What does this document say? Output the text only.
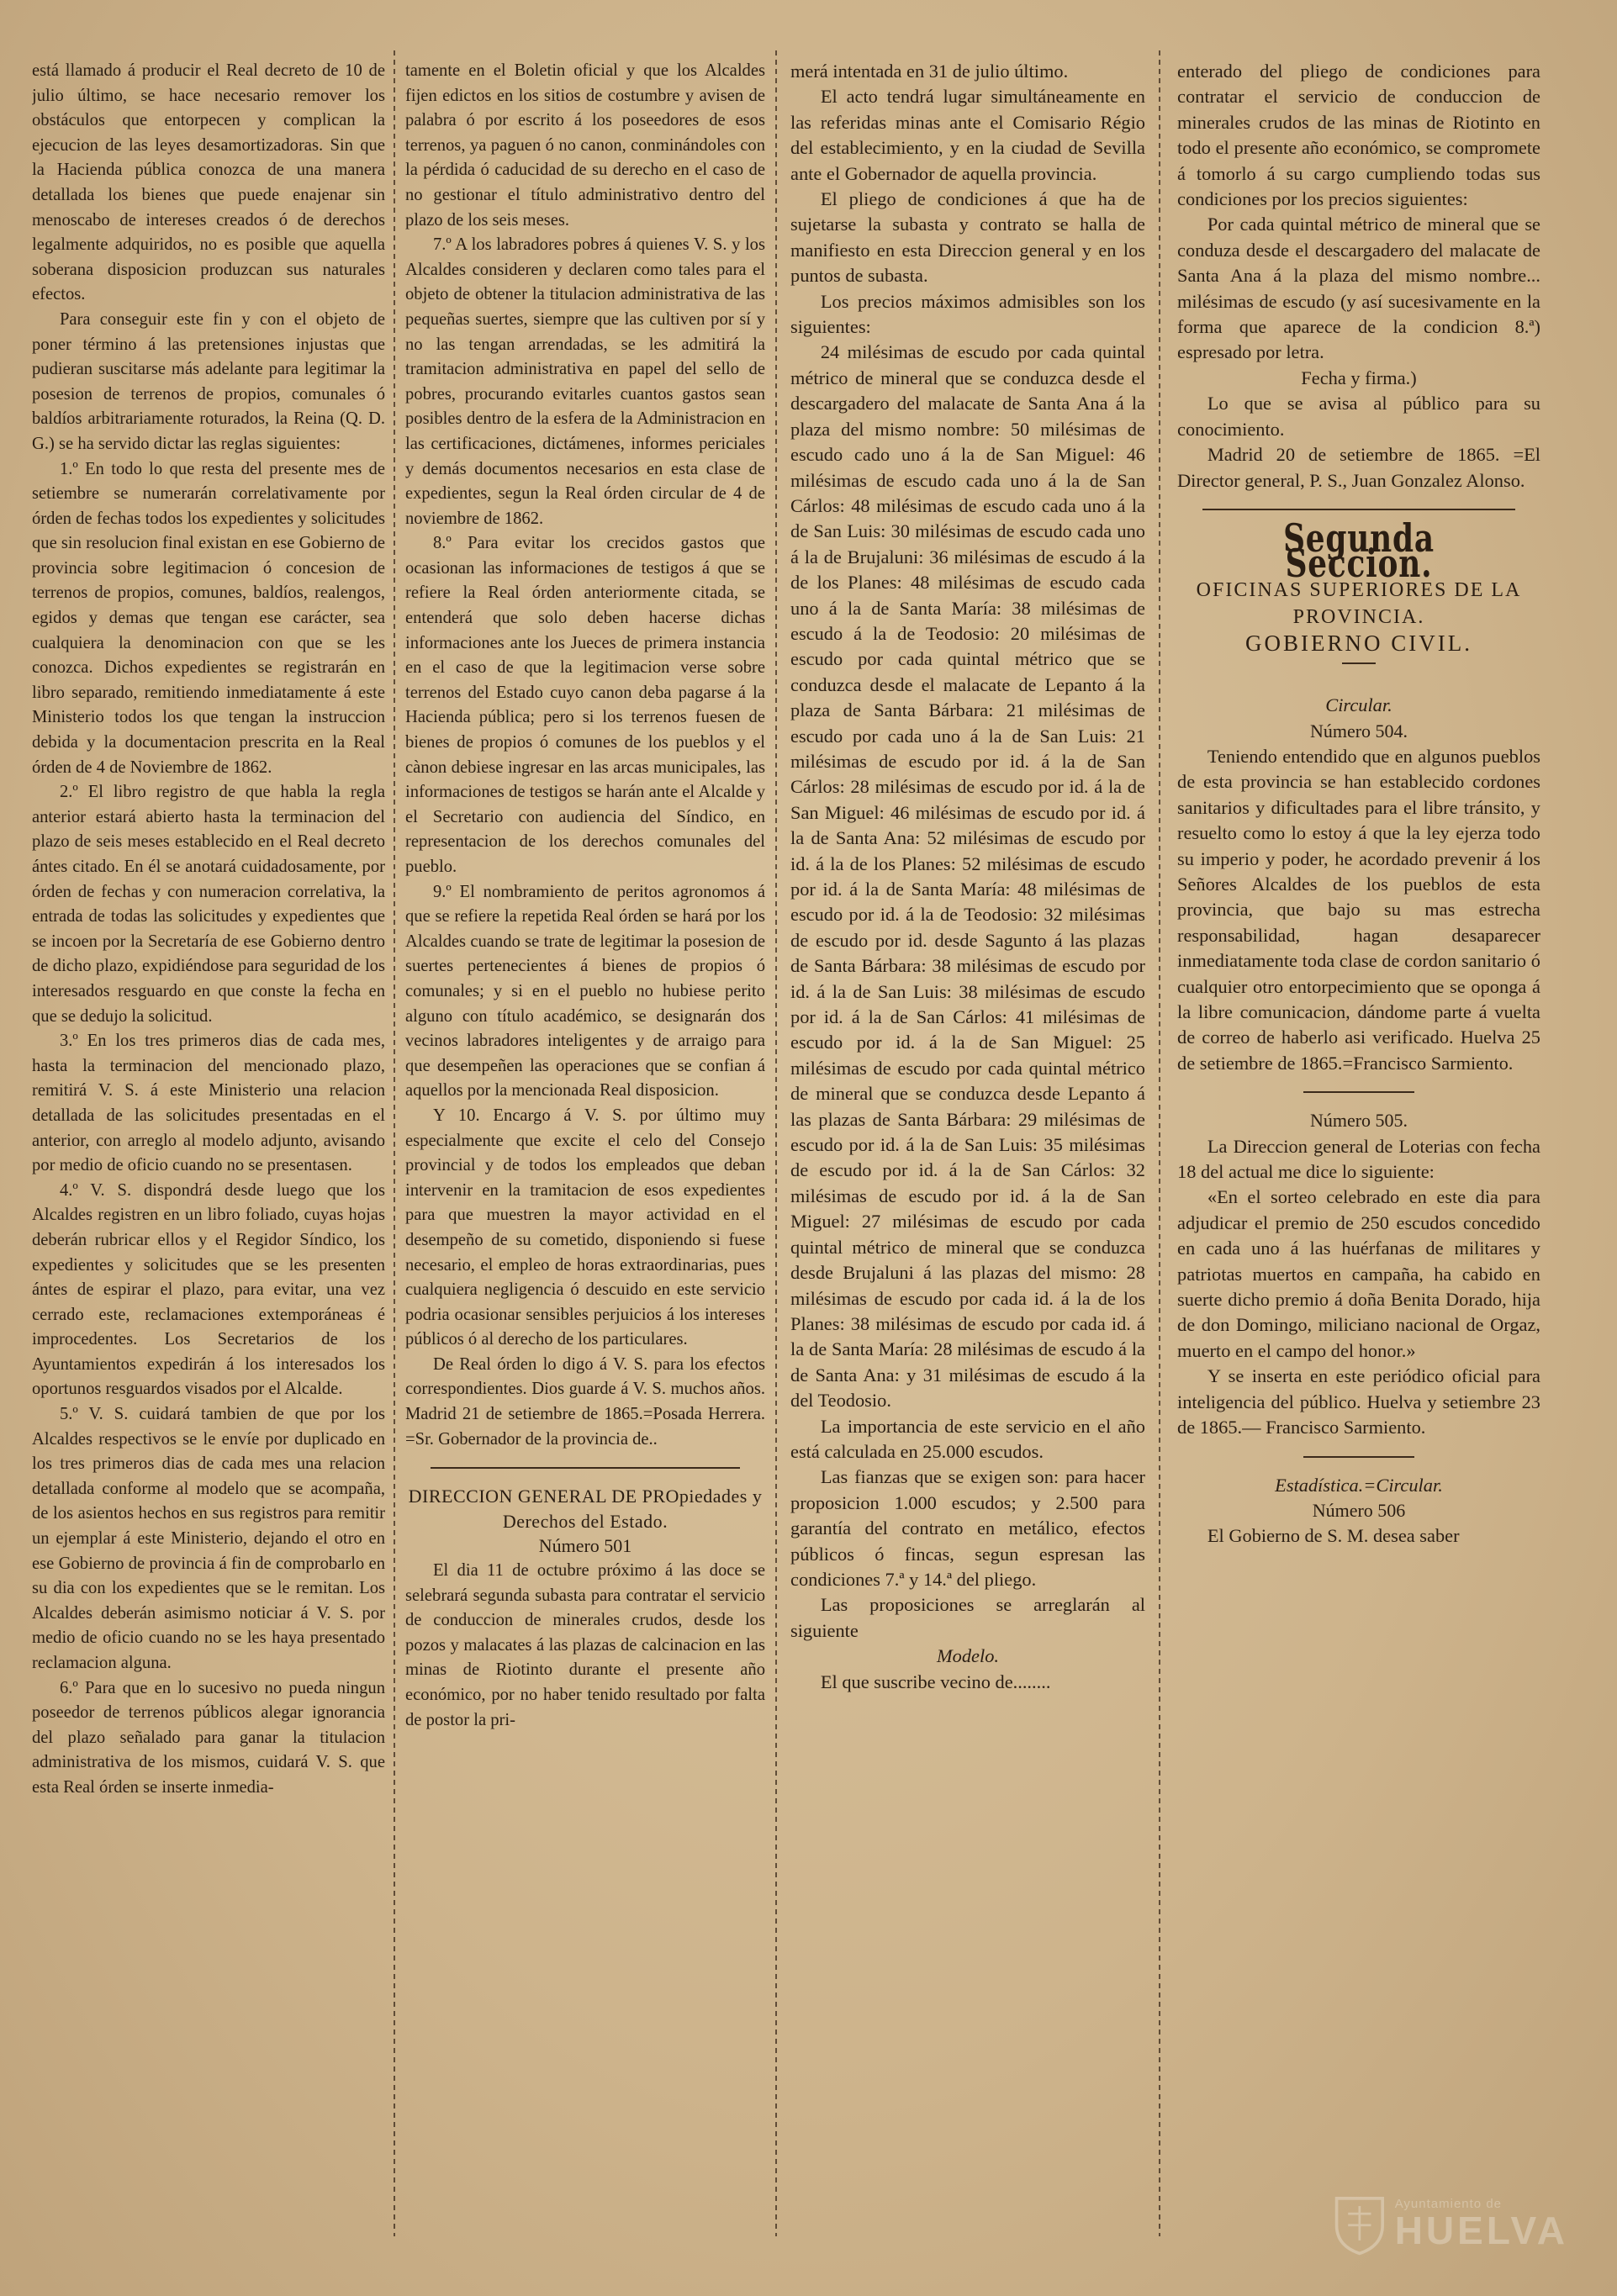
está llamado á producir el Real decreto de 10 de julio último, se hace necesario remover los obstáculos que entorpecen y complican la ejecucion de las leyes desamortizadoras. Sin que la Hacienda pública conozca de una manera detallada los bienes que puede enajenar sin menoscabo de intereses creados ó de derechos legalmente adquiridos, no es posible que aquella soberana disposicion produzcan sus naturales efectos.

Para conseguir este fin y con el objeto de poner término á las pretensiones injustas que pudieran suscitarse más adelante para legitimar la posesion de terrenos de propios, comunales ó baldíos arbitrariamente roturados, la Reina (Q. D. G.) se ha servido dictar las reglas siguientes:

1.º En todo lo que resta del presente mes de setiembre se numerarán correlativamente por órden de fechas todos los expedientes y solicitudes que sin resolucion final existan en ese Gobierno de provincia sobre legitimacion ó concesion de terrenos de propios, comunes, baldíos, realengos, egidos y demas que tengan ese carácter, sea cualquiera la denominacion con que se les conozca. Dichos expedientes se registrarán en libro separado, remitiendo inmediatamente á este Ministerio todos los que tengan la instruccion debida y la documentacion prescrita en la Real órden de 4 de Noviembre de 1862.

2.º El libro registro de que habla la regla anterior estará abierto hasta la terminacion del plazo de seis meses establecido en el Real decreto ántes citado. En él se anotará cuidadosamente, por órden de fechas y con numeracion correlativa, la entrada de todas las solicitudes y expedientes que se incoen por la Secretaría de ese Gobierno dentro de dicho plazo, expidiéndose para seguridad de los interesados resguardo en que conste la fecha en que se dedujo la solicitud.

3.º En los tres primeros dias de cada mes, hasta la terminacion del mencionado plazo, remitirá V. S. á este Ministerio una relacion detallada de las solicitudes presentadas en el anterior, con arreglo al modelo adjunto, avisando por medio de oficio cuando no se presentasen.

4.º V. S. dispondrá desde luego que los Alcaldes registren en un libro foliado, cuyas hojas deberán rubricar ellos y el Regidor Síndico, los expedientes y solicitudes que se les presenten ántes de espirar el plazo, para evitar, una vez cerrado este, reclamaciones extemporáneas é improcedentes. Los Secretarios de los Ayuntamientos expedirán á los interesados los oportunos resguardos visados por el Alcalde.

5.º V. S. cuidará tambien de que por los Alcaldes respectivos se le envíe por duplicado en los tres primeros dias de cada mes una relacion detallada conforme al modelo que se acompaña, de los asientos hechos en sus registros para remitir un ejemplar á este Ministerio, dejando el otro en ese Gobierno de provincia á fin de comprobarlo en su dia con los expedientes que se le remitan. Los Alcaldes deberán asimismo noticiar á V. S. por medio de oficio cuando no se les haya presentado reclamacion alguna.

6.º Para que en lo sucesivo no pueda ningun poseedor de terrenos públicos alegar ignorancia del plazo señalado para ganar la titulacion administrativa de los mismos, cuidará V. S. que esta Real órden se inserte inmedia-

tamente en el Boletin oficial y que los Alcaldes fijen edictos en los sitios de costumbre y avisen de palabra ó por escrito á los poseedores de esos terrenos, ya paguen ó no canon, conminándoles con la pérdida ó caducidad de su derecho en el caso de no gestionar el título administrativo dentro del plazo de los seis meses.

7.º A los labradores pobres á quienes V. S. y los Alcaldes consideren y declaren como tales para el objeto de obtener la titulacion administrativa de las pequeñas suertes, siempre que las cultiven por sí y no las tengan arrendadas, se les admitirá la tramitacion administrativa en papel del sello de pobres, procurando evitarles cuantos gastos sean posibles dentro de la esfera de la Administracion en las certificaciones, dictámenes, informes periciales y demás documentos necesarios en esta clase de expedientes, segun la Real órden circular de 4 de noviembre de 1862.

8.º Para evitar los crecidos gastos que ocasionan las informaciones de testigos á que se refiere la Real órden anteriormente citada, se entenderá que solo deben hacerse dichas informaciones ante los Jueces de primera instancia en el caso de que la legitimacion verse sobre terrenos del Estado cuyo canon deba pagarse á la Hacienda pública; pero si los terrenos fuesen de bienes de propios ó comunes de los pueblos y el cànon debiese ingresar en las arcas municipales, las informaciones de testigos se harán ante el Alcalde y el Secretario con audiencia del Síndico, en representacion de los derechos comunales del pueblo.

9.º El nombramiento de peritos agronomos á que se refiere la repetida Real órden se hará por los Alcaldes cuando se trate de legitimar la posesion de suertes pertenecientes á bienes de propios ó comunales; y si en el pueblo no hubiese perito alguno con título académico, se designarán dos vecinos labradores inteligentes y de arraigo para que desempeñen las operaciones que se confian á aquellos por la mencionada Real disposicion.

Y 10. Encargo á V. S. por último muy especialmente que excite el celo del Consejo provincial y de todos los empleados que deban intervenir en la tramitacion de esos expedientes para que muestren la mayor actividad en el desempeño de su cometido, disponiendo si fuese necesario, el empleo de horas extraordinarias, pues cualquiera negligencia ó descuido en este servicio podria ocasionar sensibles perjuicios á los intereses públicos ó al derecho de los particulares.

De Real órden lo digo á V. S. para los efectos correspondientes. Dios guarde á V. S. muchos años. Madrid 21 de setiembre de 1865.=Posada Herrera. =Sr. Gobernador de la provincia de..

DIRECCION GENERAL DE PROpiedades y Derechos del Estado.

Número 501

El dia 11 de octubre próximo á las doce se selebrará segunda subasta para contratar el servicio de conduccion de minerales crudos, desde los pozos y malacates á las plazas de calcinacion en las minas de Riotinto durante el presente año económico, por no haber tenido resultado por falta de postor la pri-

merá intentada en 31 de julio último.

El acto tendrá lugar simultáneamente en las referidas minas ante el Comisario Régio del establecimiento, y en la ciudad de Sevilla ante el Gobernador de aquella provincia.

El pliego de condiciones á que ha de sujetarse la subasta y contrato se halla de manifiesto en esta Direccion general y en los puntos de subasta.

Los precios máximos admisibles son los siguientes:

24 milésimas de escudo por cada quintal métrico de mineral que se conduzca desde el descargadero del malacate de Santa Ana á la plaza del mismo nombre: 50 milésimas de escudo cado uno á la de San Miguel: 46 milésimas de escudo cada uno á la de San Cárlos: 48 milésimas de escudo cada uno á la de San Luis: 30 milésimas de escudo cada uno á la de Brujaluni: 36 milésimas de escudo á la de los Planes: 48 milésimas de escudo cada uno á la de Santa María: 38 milésimas de escudo á la de Teodosio: 20 milésimas de escudo por cada quintal métrico que se conduzca desde el malacate de Lepanto á la plaza de Santa Bárbara: 21 milésimas de escudo por cada uno á la de San Luis: 21 milésimas de escudo por id. á la de San Cárlos: 28 milésimas de escudo por id. á la de San Miguel: 46 milésimas de escudo por id. á la de Santa Ana: 52 milésimas de escudo por id. á la de los Planes: 52 milésimas de escudo por id. á la de Santa María: 48 milésimas de escudo por id. á la de Teodosio: 32 milésimas de escudo por id. desde Sagunto á las plazas de Santa Bárbara: 38 milésimas de escudo por id. á la de San Luis: 38 milésimas de escudo por id. á la de San Cárlos: 41 milésimas de escudo por id. á la de San Miguel: 25 milésimas de escudo por cada quintal métrico de mineral que se conduzca desde Lepanto á las plazas de Santa Bárbara: 29 milésimas de escudo por id. á la de San Luis: 35 milésimas de escudo por id. á la de San Cárlos: 32 milésimas de escudo por id. á la de San Miguel: 27 milésimas de escudo por cada quintal métrico de mineral que se conduzca desde Brujaluni á las plazas del mismo: 28 milésimas de escudo por cada id. á la de los Planes: 38 milésimas de escudo por cada id. á la de Santa María: 28 milésimas de escudo á la de Santa Ana: y 31 milésimas de escudo á la del Teodosio.

La importancia de este servicio en el año está calculada en 25.000 escudos.

Las fianzas que se exigen son: para hacer proposicion 1.000 escudos; y 2.500 para garantía del contrato en metálico, efectos públicos ó fincas, segun espresan las condiciones 7.ª y 14.ª del pliego.

Las proposiciones se arreglarán al siguiente

Modelo.

El que suscribe vecino de........

enterado del pliego de condiciones para contratar el servicio de conduccion de minerales crudos de las minas de Riotinto en todo el presente año económico, se compromete á tomorlo á su cargo cumpliendo todas sus condiciones por los precios siguientes:

Por cada quintal métrico de mineral que se conduza desde el descargadero del malacate de Santa Ana á la plaza del mismo nombre... milésimas de escudo (y así sucesivamente en la forma que aparece de la condicion 8.ª) espresado por letra.

Fecha y firma.)

Lo que se avisa al público para su conocimiento.

Madrid 20 de setiembre de 1865. =El Director general, P. S., Juan Gonzalez Alonso.

Segunda Seccion.

OFICINAS SUPERIORES DE LA PROVINCIA.

GOBIERNO CIVIL.

Circular.

Número 504.

Teniendo entendido que en algunos pueblos de esta provincia se han establecido cordones sanitarios y dificultades para el libre tránsito, y resuelto como lo estoy á que la ley ejerza todo su imperio y poder, he acordado prevenir á los Señores Alcaldes de los pueblos de esta provincia, que bajo su mas estrecha responsabilidad, hagan desaparecer inmediatamente toda clase de cordon sanitario ó cualquier otro entorpecimiento que se oponga á la libre comunicacion, dándome parte á vuelta de correo de haberlo asi verificado. Huelva 25 de setiembre de 1865.=Francisco Sarmiento.

Número 505.

La Direccion general de Loterias con fecha 18 del actual me dice lo siguiente:

«En el sorteo celebrado en este dia para adjudicar el premio de 250 escudos concedido en cada uno á las huérfanas de militares y patriotas muertos en campaña, ha cabido en suerte dicho premio á doña Benita Dorado, hija de don Domingo, miliciano nacional de Orgaz, muerto en el campo del honor.»

Y se inserta en este periódico oficial para inteligencia del público. Huelva y setiembre 23 de 1865.— Francisco Sarmiento.

Estadística.=Circular.

Número 506

El Gobierno de S. M. desea saber

Ayuntamiento de
HUELVA
